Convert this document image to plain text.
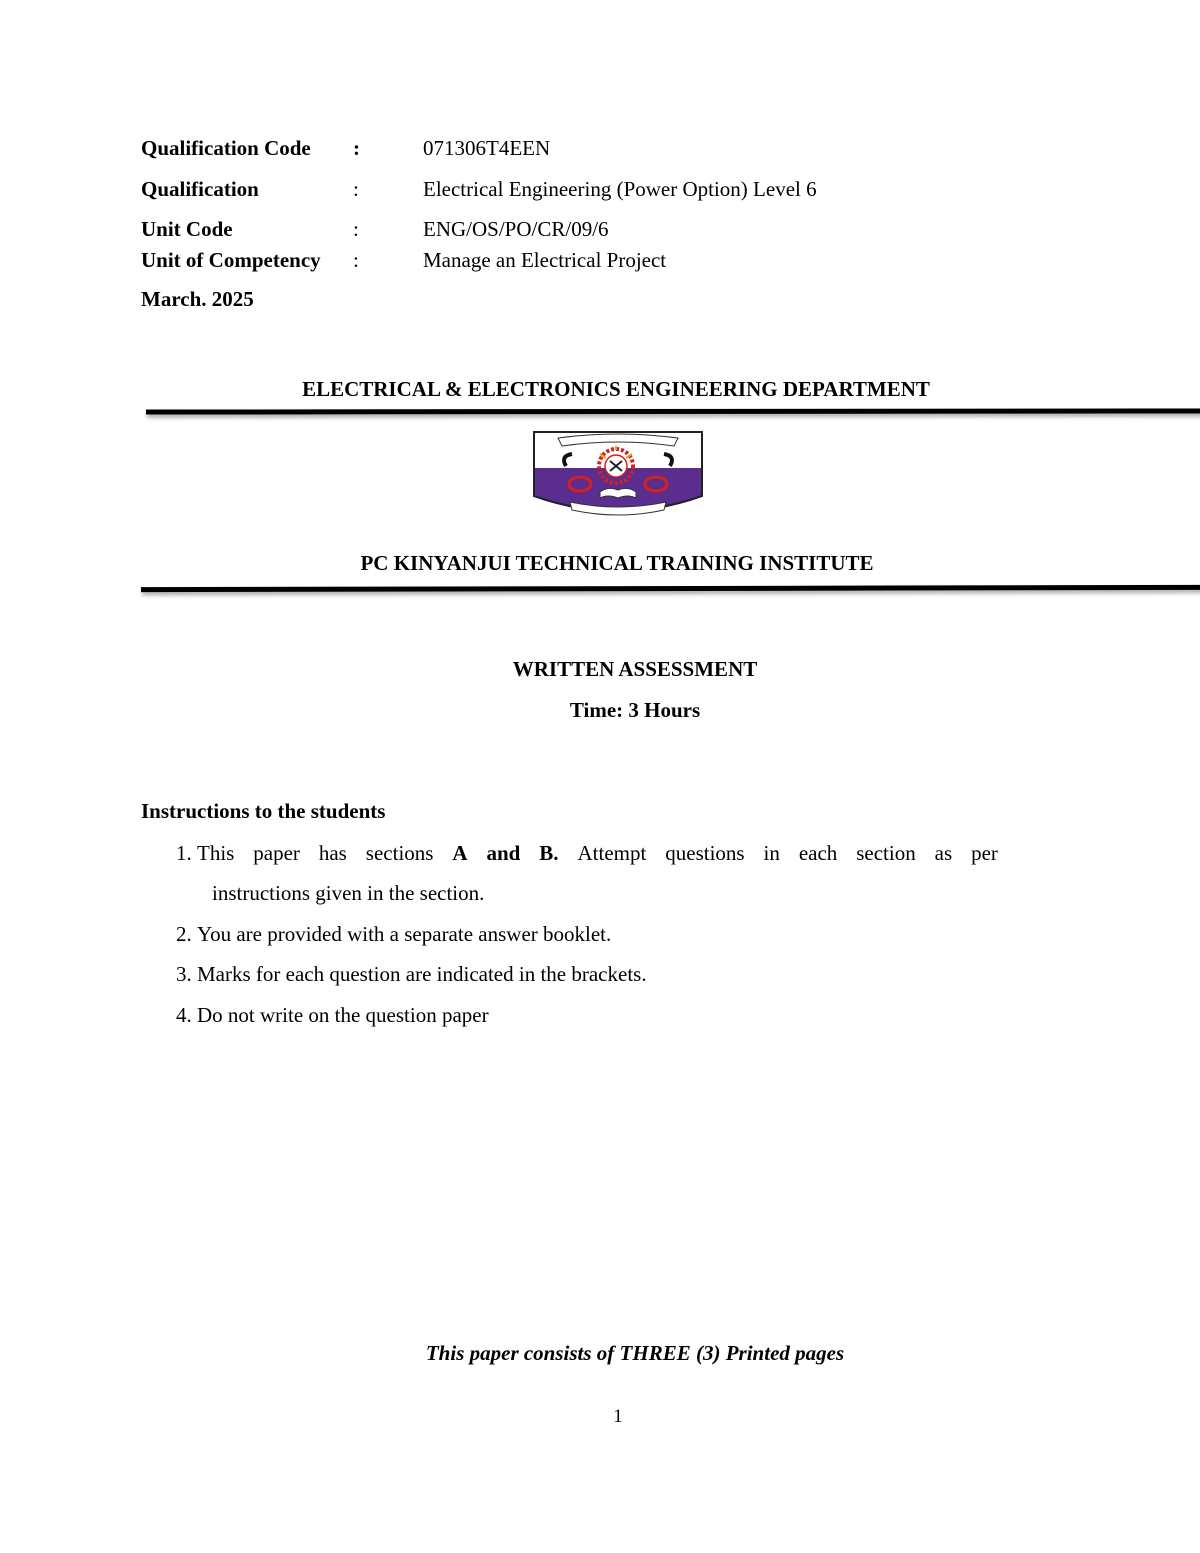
Qualification Code :	071306T4EEN
Qualification	:	Electrical Engineering (Power Option) Level 6
Unit Code	:	ENG/OS/PO/CR/09/6
Unit of Competency :	Manage an Electrical Project
March. 2025
ELECTRICAL & ELECTRONICS ENGINEERING DEPARTMENT
PC KINYANJUI TECHNICAL TRAINING INSTITUTE
WRITTEN ASSESSMENT
Time: 3 Hours
Instructions to the students
1. This paper has sections A and B. Attempt questions in each section as per
instructions given in the section.
2. You are provided with a separate answer booklet.
3. Marks for each question are indicated in the brackets.
4. Do not write on the question paper
This paper consists of THREE (3) Printed pages
1
